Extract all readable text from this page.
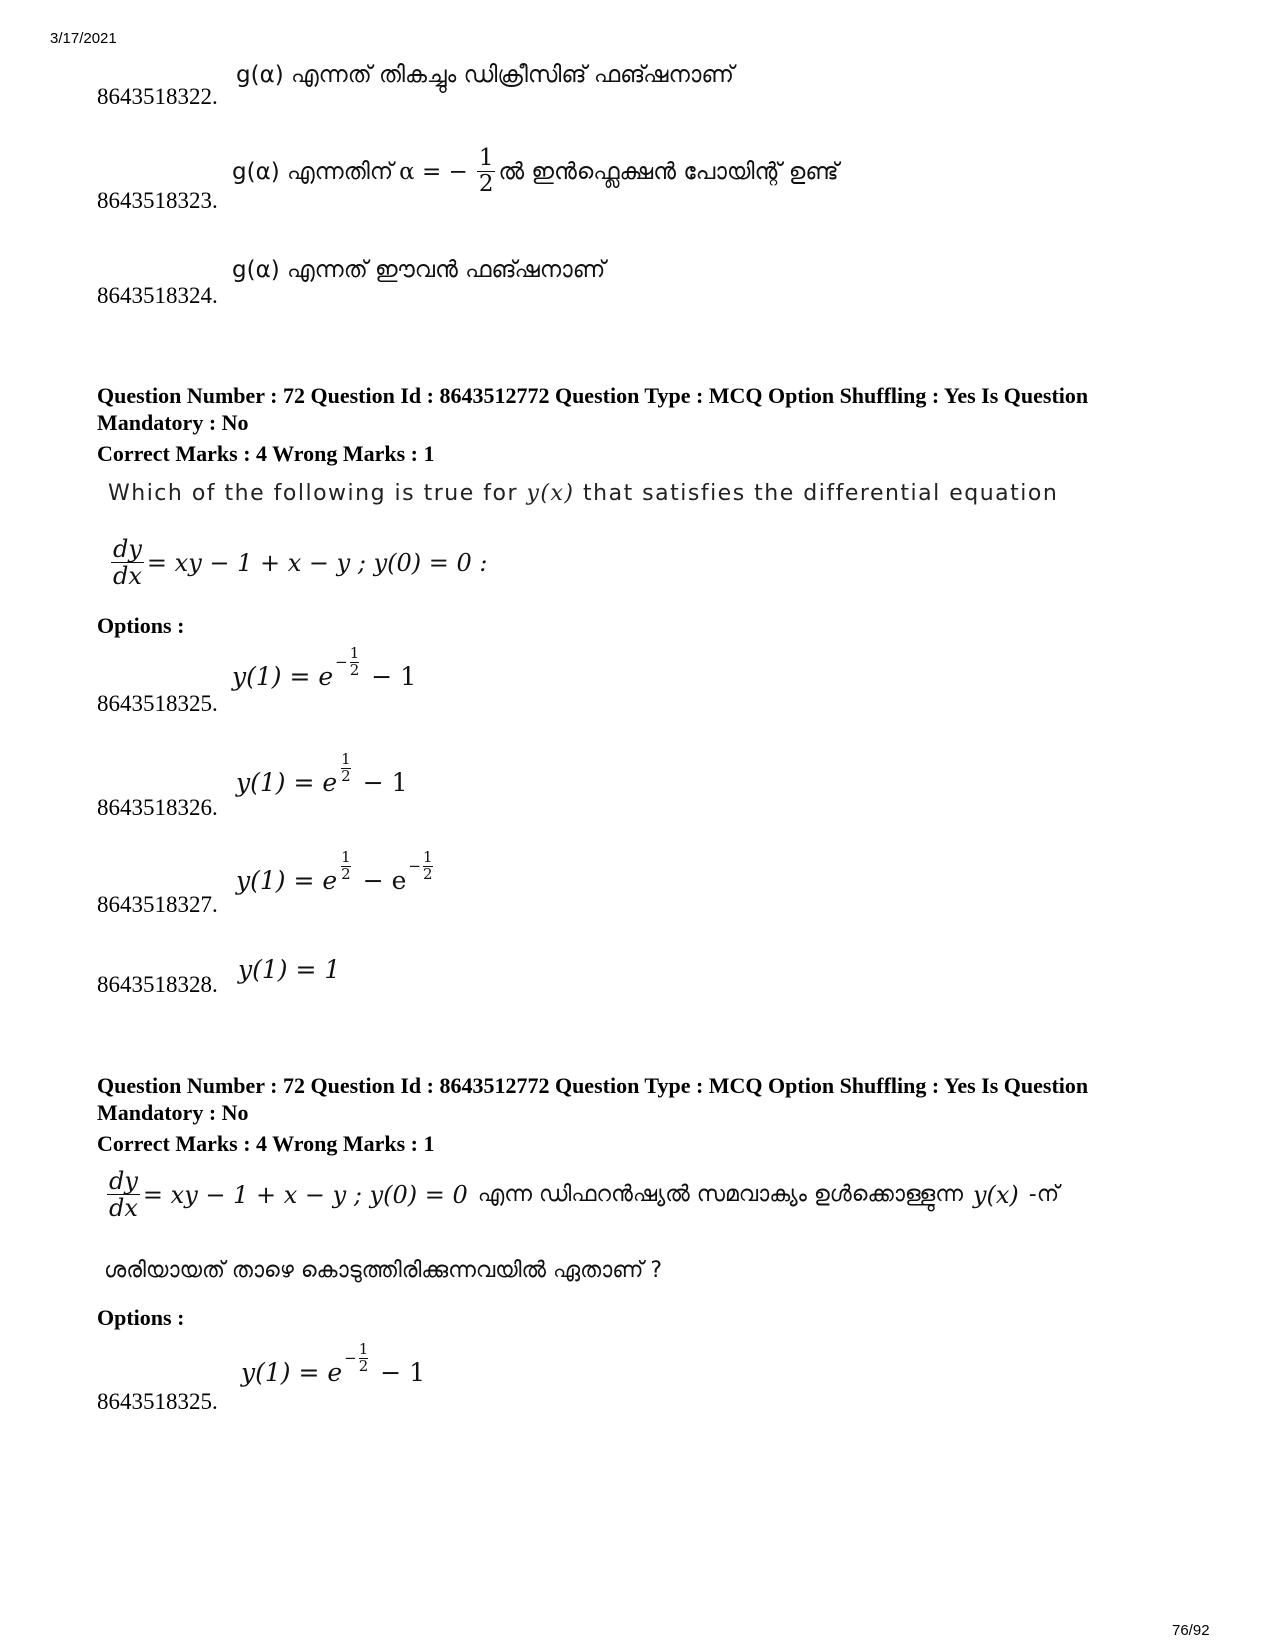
3/17/2021
76/92
8643518322.
g(α) എന്നത് തികച്ചും ഡിക്രീസിങ് ഫങ്ഷനാണ്
8643518323.
g(α) എന്നതിന് α = − $\frac{1}{2}$ ൽ ഇൻഫ്ലെക്ഷൻ പോയിന്റ് ഉണ്ട്
8643518324.
g(α) എന്നത് ഈവൻ ഫങ്ഷനാണ്
Question Number : 72 Question Id : 8643512772 Question Type : MCQ Option Shuffling : Yes Is Question Mandatory : No
Correct Marks : 4 Wrong Marks : 1
Which of the following is true for y(x) that satisfies the differential equation
$\frac{dy}{dx}$ = xy − 1 + x − y ; y(0) = 0 :
Options :
8643518325.
$y(1) = e - \frac{1}{2} - 1$
8643518326.
y(1) = e $\frac{1}{2} - 1$
8643518327.
y(1) = e $\frac{1}{2} - e - \frac{1}{2}$
8643518328.
y(1) = 1
Question Number : 72 Question Id : 8643512772 Question Type : MCQ Option Shuffling : Yes Is Question Mandatory : No
Correct Marks : 4 Wrong Marks : 1
$\frac{dy}{dx}$ = xy − 1 + x − y ; y(0) = 0 എന്ന ഡിഫറൻഷ്യൽ സമവാക്യം ഉൾക്കൊള്ളുന്ന y(x) -ന്
ശരിയായത് താഴെ കൊടുത്തിരിക്കുന്നവയിൽ ഏതാണ് ?
Options :
8643518325.
$y(1) = e - \frac{1}{2} - 1$
